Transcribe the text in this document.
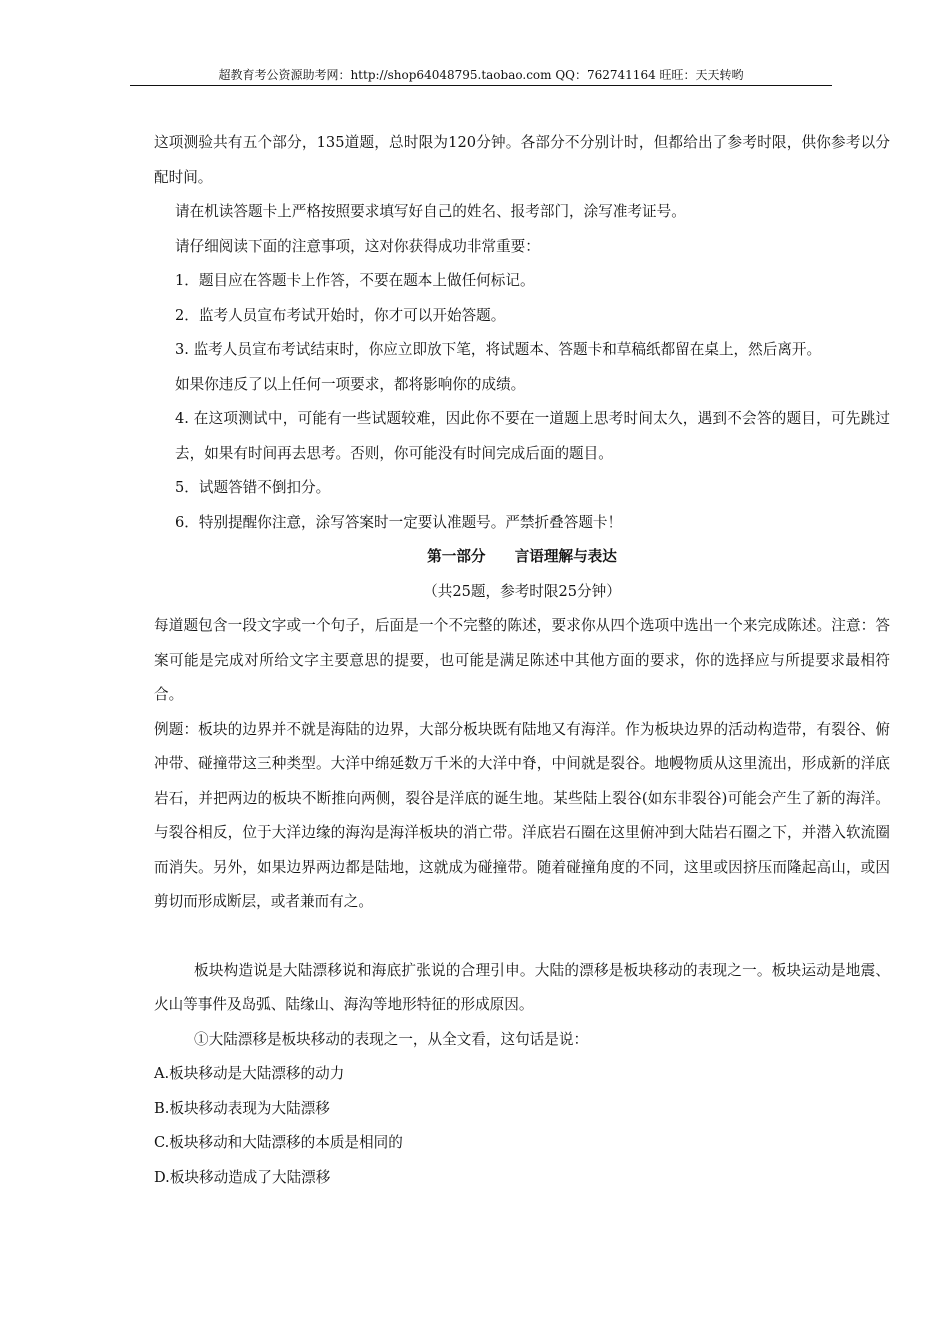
超教育考公资源助考网：http://shop64048795.taobao.com QQ：762741164 旺旺：天天转哟

这项测验共有五个部分，135道题，总时限为120分钟。各部分不分别计时，但都给出了参考时限，供你参考以分配时间。

请在机读答题卡上严格按照要求填写好自己的姓名、报考部门，涂写准考证号。

请仔细阅读下面的注意事项，这对你获得成功非常重要：

1．题目应在答题卡上作答，不要在题本上做任何标记。

2．监考人员宣布考试开始时，你才可以开始答题。

3. 监考人员宣布考试结束时，你应立即放下笔，将试题本、答题卡和草稿纸都留在桌上，然后离开。

如果你违反了以上任何一项要求，都将影响你的成绩。

4. 在这项测试中，可能有一些试题较难，因此你不要在一道题上思考时间太久，遇到不会答的题目，可先跳过去，如果有时间再去思考。否则，你可能没有时间完成后面的题目。

5．试题答错不倒扣分。

6．特别提醒你注意，涂写答案时一定要认准题号。严禁折叠答题卡！

第一部分　　言语理解与表达

（共25题，参考时限25分钟）

每道题包含一段文字或一个句子，后面是一个不完整的陈述，要求你从四个选项中选出一个来完成陈述。注意：答案可能是完成对所给文字主要意思的提要，也可能是满足陈述中其他方面的要求，你的选择应与所提要求最相符合。

例题：板块的边界并不就是海陆的边界，大部分板块既有陆地又有海洋。作为板块边界的活动构造带，有裂谷、俯冲带、碰撞带这三种类型。大洋中绵延数万千米的大洋中脊，中间就是裂谷。地幔物质从这里流出，形成新的洋底岩石，并把两边的板块不断推向两侧，裂谷是洋底的诞生地。某些陆上裂谷(如东非裂谷)可能会产生了新的海洋。与裂谷相反，位于大洋边缘的海沟是海洋板块的消亡带。洋底岩石圈在这里俯冲到大陆岩石圈之下，并潜入软流圈而消失。另外，如果边界两边都是陆地，这就成为碰撞带。随着碰撞角度的不同，这里或因挤压而隆起高山，或因剪切而形成断层，或者兼而有之。

板块构造说是大陆漂移说和海底扩张说的合理引申。大陆的漂移是板块移动的表现之一。板块运动是地震、火山等事件及岛弧、陆缘山、海沟等地形特征的形成原因。

①大陆漂移是板块移动的表现之一，从全文看，这句话是说：

A.板块移动是大陆漂移的动力

B.板块移动表现为大陆漂移

C.板块移动和大陆漂移的本质是相同的

D.板块移动造成了大陆漂移
